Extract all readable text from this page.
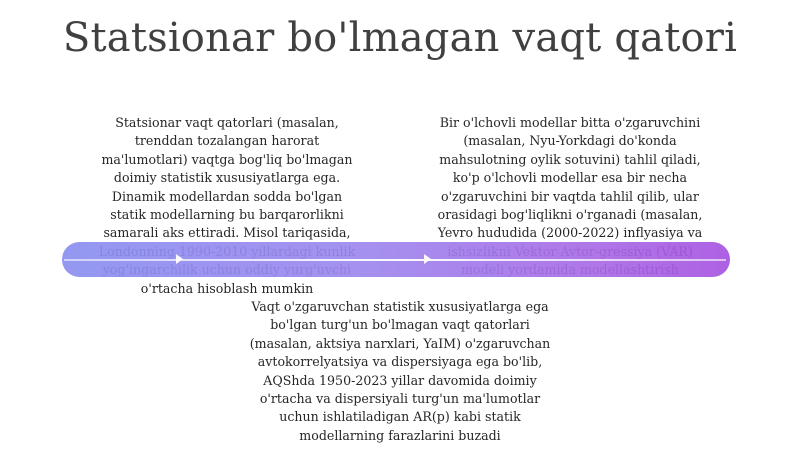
Statsionar bo'lmagan vaqt qatori
Statsionar vaqt qatorlari (masalan,
trenddan tozalangan harorat
ma'lumotlari) vaqtga bog'liq bo'lmagan
doimiy statistik xususiyatlarga ega.
Dinamik modellardan sodda bo'lgan
statik modellarning bu barqarorlikni
samarali aks ettiradi. Misol tariqasida,
o'rtacha hisoblash mumkin
Bir o'lchovli modellar bitta o'zgaruvchini
(masalan, Nyu-Yorkdagi do'konda
mahsulotning oylik sotuvini) tahlil qiladi,
ko'p o'lchovli modellar esa bir necha
o'zgaruvchini bir vaqtda tahlil qilib, ular
orasidagi bog'liqlikni o'rganadi (masalan,
Yevro hududida (2000-2022) inflyasiya va
Vaqt o'zgaruvchan statistik xususiyatlarga ega
bo'lgan turg'un bo'lmagan vaqt qatorlari
(masalan, aktsiya narxlari, YaIM) o'zgaruvchan
avtokorrelyatsiya va dispersiyaga ega bo'lib,
AQShda 1950-2023 yillar davomida doimiy
o'rtacha va dispersiyali turg'un ma'lumotlar
uchun ishlatiladigan AR(p) kabi statik
modellarning farazlarini buzadi
